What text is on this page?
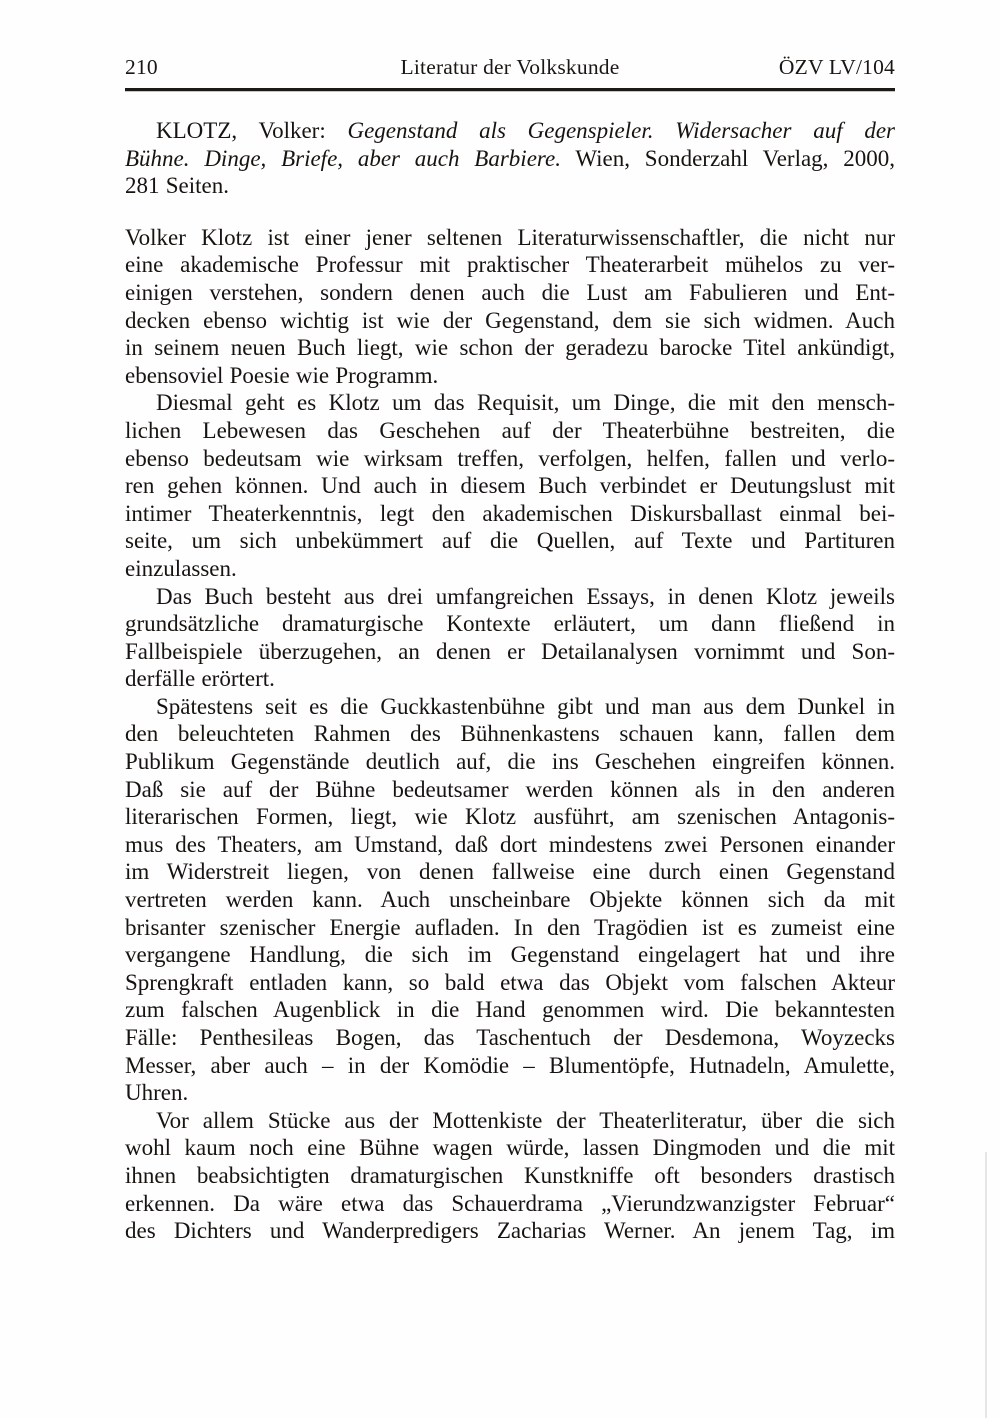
210	Literatur der Volkskunde	ÖZV LV/104
KLOTZ, Volker: Gegenstand als Gegenspieler. Widersacher auf der
Bühne. Dinge, Briefe, aber auch Barbiere. Wien, Sonderzahl Verlag, 2000,
281 Seiten.
Volker Klotz ist einer jener seltenen Literaturwissenschaftler, die nicht nur
eine akademische Professur mit praktischer Theaterarbeit mühelos zu ver-
einigen verstehen, sondern denen auch die Lust am Fabulieren und Ent-
decken ebenso wichtig ist wie der Gegenstand, dem sie sich widmen. Auch
in seinem neuen Buch liegt, wie schon der geradezu barocke Titel ankündigt,
ebensoviel Poesie wie Programm.
Diesmal geht es Klotz um das Requisit, um Dinge, die mit den mensch-
lichen Lebewesen das Geschehen auf der Theaterbühne bestreiten, die
ebenso bedeutsam wie wirksam treffen, verfolgen, helfen, fallen und verlo-
ren gehen können. Und auch in diesem Buch verbindet er Deutungslust mit
intimer Theaterkenntnis, legt den akademischen Diskursballast einmal bei-
seite, um sich unbekümmert auf die Quellen, auf Texte und Partituren
einzulassen.
Das Buch besteht aus drei umfangreichen Essays, in denen Klotz jeweils
grundsätzliche dramaturgische Kontexte erläutert, um dann fließend in
Fallbeispiele überzugehen, an denen er Detailanalysen vornimmt und Son-
derfälle erörtert.
Spätestens seit es die Guckkastenbühne gibt und man aus dem Dunkel in
den beleuchteten Rahmen des Bühnenkastens schauen kann, fallen dem
Publikum Gegenstände deutlich auf, die ins Geschehen eingreifen können.
Daß sie auf der Bühne bedeutsamer werden können als in den anderen
literarischen Formen, liegt, wie Klotz ausführt, am szenischen Antagonis-
mus des Theaters, am Umstand, daß dort mindestens zwei Personen einander
im Widerstreit liegen, von denen fallweise eine durch einen Gegenstand
vertreten werden kann. Auch unscheinbare Objekte können sich da mit
brisanter szenischer Energie aufladen. In den Tragödien ist es zumeist eine
vergangene Handlung, die sich im Gegenstand eingelagert hat und ihre
Sprengkraft entladen kann, so bald etwa das Objekt vom falschen Akteur
zum falschen Augenblick in die Hand genommen wird. Die bekanntesten
Fälle: Penthesileas Bogen, das Taschentuch der Desdemona, Woyzecks
Messer, aber auch – in der Komödie – Blumentöpfe, Hutnadeln, Amulette,
Uhren.
Vor allem Stücke aus der Mottenkiste der Theaterliteratur, über die sich
wohl kaum noch eine Bühne wagen würde, lassen Dingmoden und die mit
ihnen beabsichtigten dramaturgischen Kunstkniffe oft besonders drastisch
erkennen. Da wäre etwa das Schauerdrama „Vierundzwanzigster Februar“
des Dichters und Wanderpredigers Zacharias Werner. An jenem Tag, im
